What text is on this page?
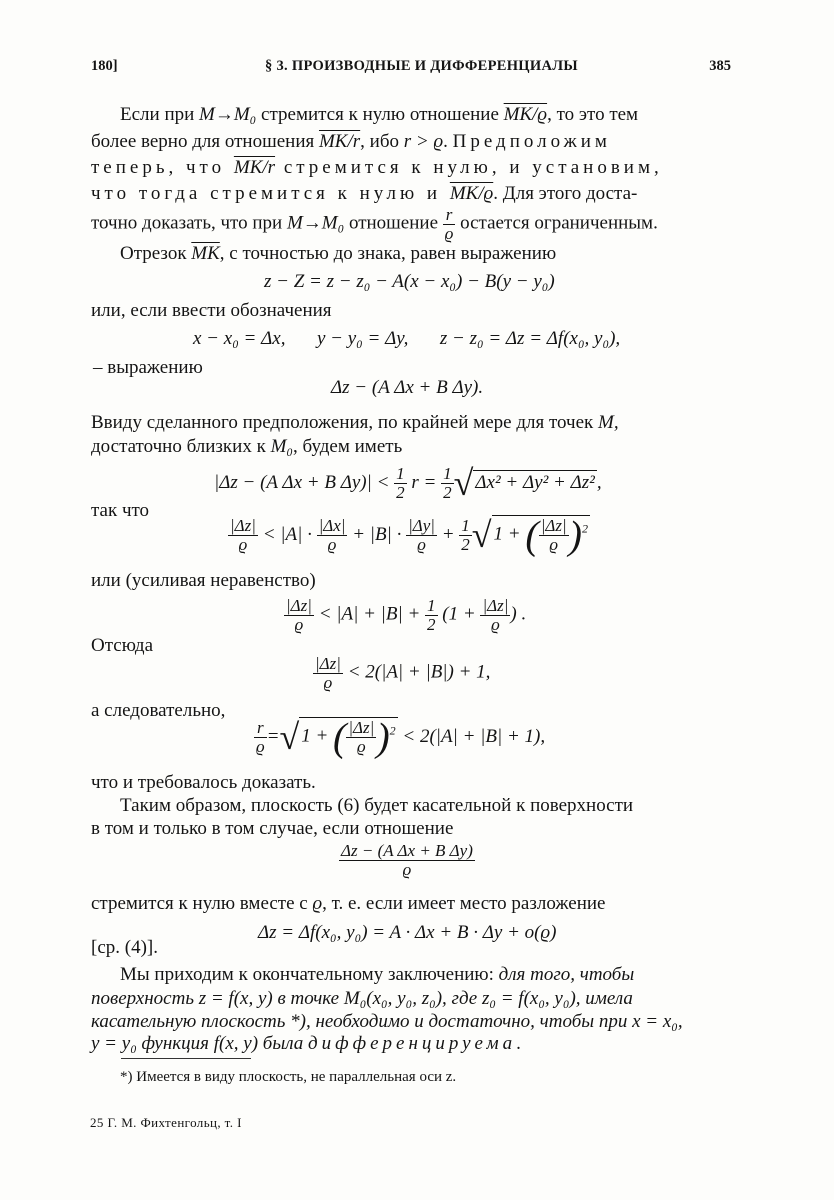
180]	§ 3. ПРОИЗВОДНЫЕ И ДИФФЕРЕНЦИАЛЫ	385
Если при M→M₀ стремится к нулю отношение MK/ϱ, то это тем
более верно для отношения MK/r, ибо r > ϱ. Предположим
теперь, что MK/r стремится к нулю, и установим,
что тогда стремится к нулю и MK/ϱ. Для этого доста-
точно доказать, что при M→M₀ отношение $\frac{r}{ϱ}$ остается ограниченным.
Отрезок $\overline{MK}$, с точностью до знака, равен выражению
z − Z = z − z₀ − A(x − x₀) − B(y − y₀)
или, если ввести обозначения
x − x₀ = Δx, y − y₀ = Δy, z − z₀ = Δz = Δf(x₀, y₀),
– выражению
Δz − (A Δx + B Δy).
Ввиду сделанного предположения, по крайней мере для точек M,
достаточно близких к M₀, будем иметь
|Δz − (A Δx + B $\Delta y)| < \frac{1}{2}$ $r = \frac{1}{2}$ √ Δx² + Δy² + Δz² ,
так что
$\frac{|\Delta z|}{ϱ} < |A| \cdot \frac{|\Delta x|}{ϱ} + |B| \cdot \frac{|\Delta y|}{ϱ} + \frac{1}{2}$ √ 1 + ( $\frac{|\Delta z|}{ϱ} )^2$
или (усиливая неравенство)
$\frac{|\Delta z|}{ϱ} < |A| + |B| + \frac{1}{2} (1 + \frac{|\Delta z|}{ϱ}$ ) .
Отсюда
$\frac{|\Delta z|}{ϱ} < 2(|A| + |B|) + 1$,
а следовательно,
$\frac{r}{ϱ}$ =√ 1 + ( $\frac{|\Delta z|}{ϱ} )^2 < 2(|A| + |B| + 1)$,
что и требовалось доказать.
Таким образом, плоскость (6) будет касательной к поверхности
в том и только в том случае, если отношение
$\frac{\text{Δz − (A Δx + B Δy)}}{ϱ}$
стремится к нулю вместе с ϱ, т. е. если имеет место разложение
Δz = Δf(x₀, y₀) = A · Δx + B · Δy + o(ϱ)
[ср. (4)].
Мы приходим к окончательному заключению: для того, чтобы
поверхность z = f(x, y) в точке M₀(x₀, y₀, z₀), где z₀ = f(x₀, y₀), имела
касательную плоскость *), необходимо и достаточно, чтобы при x = x₀,
y = y₀ функция f(x, y) была дифференцируема.
*) Имеется в виду плоскость, не параллельная оси z.
25 Г. М. Фихтенгольц, т. I
